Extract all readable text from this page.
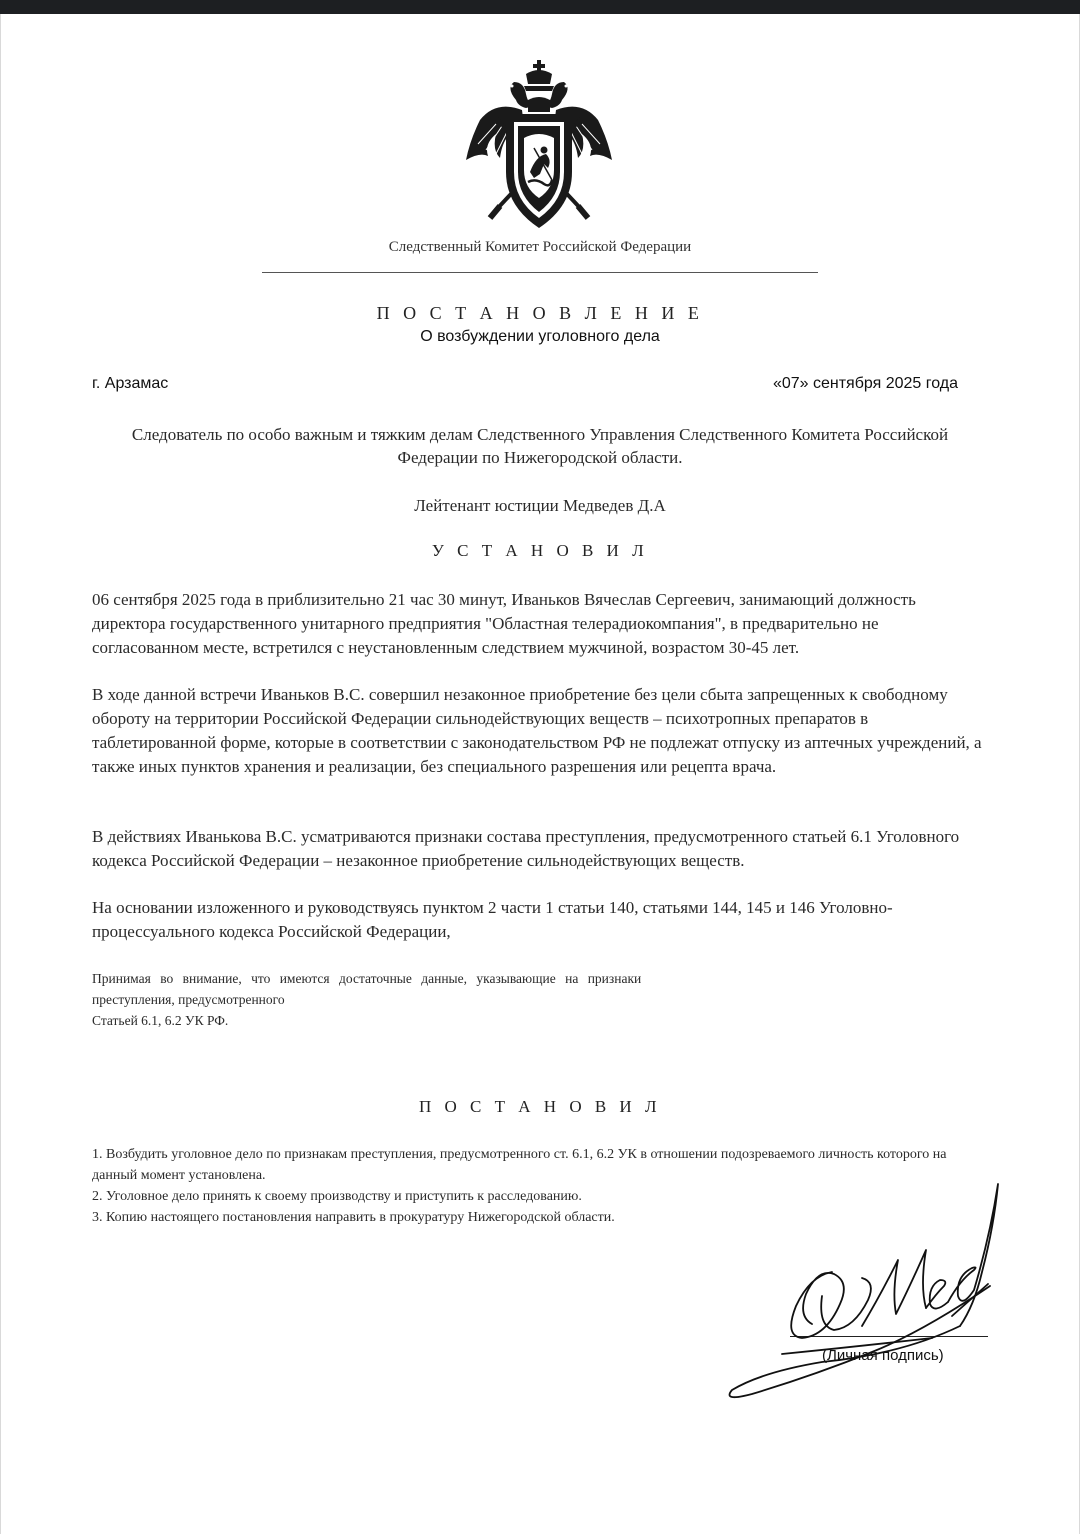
Следственный Комитет Российской Федерации
П О С Т А Н О В Л Е Н И Е
О возбуждении уголовного дела
г. Арзамас	«07» сентября 2025 года
Следователь по особо важным и тяжким делам Следственного Управления Следственного Комитета Российской
Федерации по Нижегородской области.
Лейтенант юстиции Медведев Д.А
У С Т А Н О В И Л

06 сентября 2025 года в приблизительно 21 час 30 минут, Иваньков Вячеслав Сергеевич, занимающий должность директора государственного унитарного предприятия "Областная телерадиокомпания", в предварительно не согласованном месте, встретился с неустановленным следствием мужчиной, возрастом 30-45 лет.

В ходе данной встречи Иваньков В.С. совершил незаконное приобретение без цели сбыта запрещенных к свободному обороту на территории Российской Федерации сильнодействующих веществ – психотропных препаратов в таблетированной форме, которые в соответствии с законодательством РФ не подлежат отпуску из аптечных учреждений, а также иных пунктов хранения и реализации, без специального разрешения или рецепта врача.

В действиях Иванькова В.С. усматриваются признаки состава преступления, предусмотренного статьей 6.1 Уголовного кодекса Российской Федерации – незаконное приобретение сильнодействующих веществ.

На основании изложенного и руководствуясь пунктом 2 части 1 статьи 140, статьями 144, 145 и 146 Уголовно-процессуального кодекса Российской Федерации,

Принимая во внимание, что имеются достаточные данные, указывающие на признаки
преступления, предусмотренного
Статьей 6.1, 6.2 УК РФ.
П О С Т А Н О В И Л
1. Возбудить уголовное дело по признакам преступления, предусмотренного ст. 6.1, 6.2 УК в отношении подозреваемого личность которого на данный момент установлена.
2. Уголовное дело принять к своему производству и приступить к расследованию.
3. Копию настоящего постановления направить в прокуратуру Нижегородской области.
(Личная подпись)
